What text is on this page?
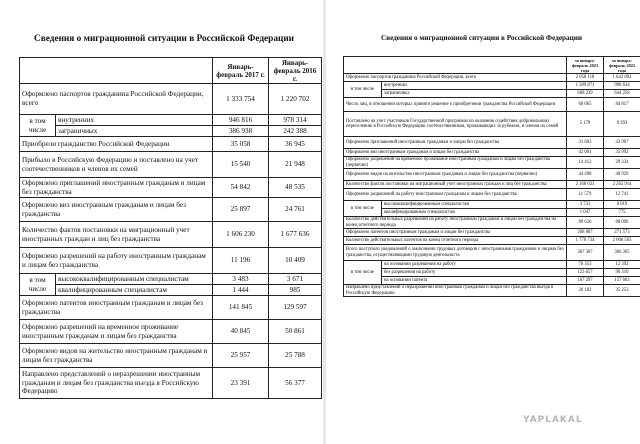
Сведения о миграционной ситуации в Российской Федерации
		Январь-февраль 2017 г.	Январь-февраль 2016 г.
Оформлено паспортов гражданина Российской Федерации, всего		1 333 754	1 220 702
в том числе	внутренних	946 816	978 314
	заграничных	386 938	242 388
Приобрели гражданство Российской Федерации		35 058	36 945
Прибыло в Российскую Федерацию и поставлено на учет соотечественников и членов их семей		15 540	21 948
Оформлено приглашений иностранным гражданам и лицам без гражданства		54 842	48 535
Оформлено виз иностранным гражданам и лицам без гражданства		25 897	24 761
Количество фактов постановки на миграционный учет иностранных граждан и лиц без гражданства		1 606 230	1 677 636
Оформлено разрешений на работу иностранным гражданам и лицам без гражданства		11 196	10 409
в том числе	высококвалифицированным специалистам	3 483	3 671
	квалифицированным специалистам	1 444	985
Оформлено патентов иностранным гражданам и лицам без гражданства		141 845	129 597
Оформлено разрешений на временное проживание иностранным гражданам и лицам без гражданства		40 845	50 861
Оформлено видов на жительство иностранным гражданам и лицам без гражданства		25 957	25 788
Направлено представлений о неразрешении иностранным гражданам и лицам без гражданства въезда в Российскую Федерацию		23 391	56 377
Сведения о миграционной ситуации в Российской Федерации
		за январь-февраль 2023 года	за январь-февраль 2022 года
Оформлено паспортов гражданина Российской Федерации, всего		2 058 110	1 642 892
в том числе	внутренних	1 389 871	998 634
	заграничных	668 239	644 258
Число лиц, в отношении которых принято решение о приобретении гражданства Российской Федерации		66 665	84 817
Поставлено на учет участников Государственной программы по оказанию содействия добровольному переселению в Российскую Федерацию соотечественников, проживающих за рубежом, и членов их семей		5 179	9 293
Оформлено приглашений иностранным гражданам и лицам без гражданства		31 603	43 907
Оформлено виз иностранным гражданам и лицам без гражданства		42 001	35 992
Оформлено разрешений на временное проживание иностранным гражданам и лицам без гражданства (первично)		14 412	29 334
Оформлено видов на жительство иностранным гражданам и лицам без гражданства (первично)		44 498	40 929
Количество фактов постановки на миграционный учет иностранных граждан и лиц без гражданства		2 168 633	2 265 914
Оформлено разрешений на работу иностранным гражданам и лицам без гражданства		11 579	12 741
в том числе	высококвалифицированным специалистам	3 731	6 019
	квалифицированным специалистам	1 047	775
Количество действительных разрешений на работу иностранным гражданам и лицам без гражданства на конец отчетного периода		89 636	88 096
Оформлено патентов иностранным гражданам и лицам без гражданства		268 887	271 573
Количество действительных патентов на конец отчетного периода		1 778 734	2 006 563
Всего поступило уведомлений о заключении трудовых договоров с иностранными гражданами и лицами без гражданства, осуществляющими трудовую деятельность		367 307	366 305
в том числе	на основании разрешения на работу	76 353	12 392
	без разрешения на работу	123 657	96 310
	на основании патента	167 297	157 603
Направлено представлений о неразрешении иностранным гражданам и лицам без гражданства въезда в Российскую Федерацию		26 182	35 253
YAPLAKAL
